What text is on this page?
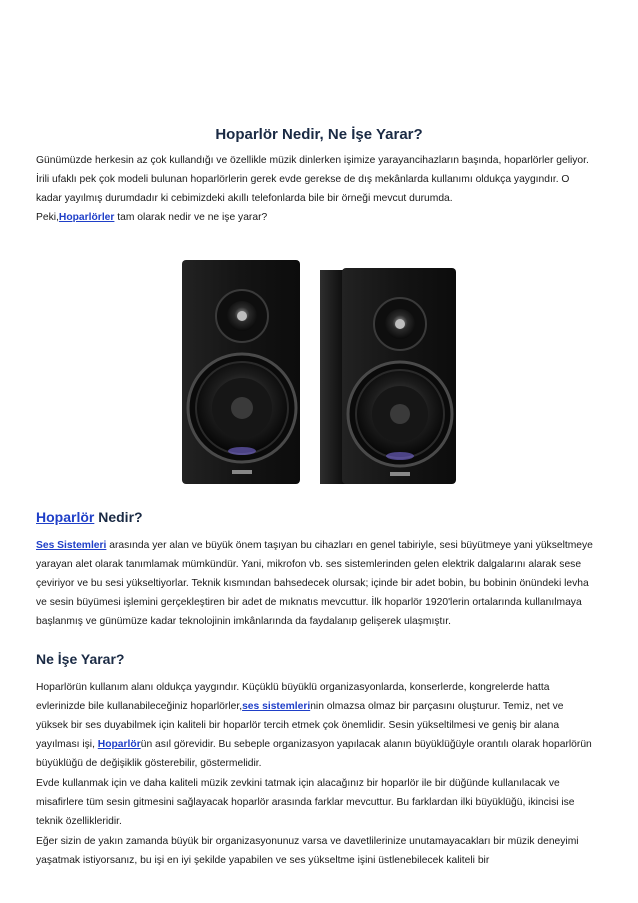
Hoparlör Nedir, Ne İşe Yarar?

Günümüzde herkesin az çok kullandığı ve özellikle müzik dinlerken işimize yarayancihazların başında, hoparlörler geliyor. İrili ufaklı pek çok modeli bulunan hoparlörlerin gerek evde gerekse de dış mekânlarda kullanımı oldukça yaygındır. O kadar yayılmış durumdadır ki cebimizdeki akıllı telefonlarda bile bir örneği mevcut durumda.
Peki,Hoparlörler tam olarak nedir ve ne işe yarar?

Hoparlör Nedir?

Ses Sistemleri arasında yer alan ve büyük önem taşıyan bu cihazları en genel tabiriyle, sesi büyütmeye yani yükseltmeye yarayan alet olarak tanımlamak mümkündür. Yani, mikrofon vb. ses sistemlerinden gelen elektrik dalgalarını alarak sese çeviriyor ve bu sesi yükseltiyorlar. Teknik kısmından bahsedecek olursak; içinde bir adet bobin, bu bobinin önündeki levha ve sesin büyümesi işlemini gerçekleştiren bir adet de mıknatıs mevcuttur. İlk hoparlör 1920'lerin ortalarında kullanılmaya başlanmış ve günümüze kadar teknolojinin imkânlarında da faydalanıp gelişerek ulaşmıştır.

Ne İşe Yarar?

Hoparlörün kullanım alanı oldukça yaygındır. Küçüklü büyüklü organizasyonlarda, konserlerde, kongrelerde hatta evlerinizde bile kullanabileceğiniz hoparlörler,ses sistemlerinin olmazsa olmaz bir parçasını oluşturur. Temiz, net ve yüksek bir ses duyabilmek için kaliteli bir hoparlör tercih etmek çok önemlidir. Sesin yükseltilmesi ve geniş bir alana yayılması işi, Hoparlörün asıl görevidir. Bu sebeple organizasyon yapılacak alanın büyüklüğüyle orantılı olarak hoparlörün büyüklüğü de değişiklik gösterebilir, göstermelidir.

Evde kullanmak için ve daha kaliteli müzik zevkini tatmak için alacağınız bir hoparlör ile bir düğünde kullanılacak ve misafirlere tüm sesin gitmesini sağlayacak hoparlör arasında farklar mevcuttur. Bu farklardan ilki büyüklüğü, ikincisi ise teknik özellikleridir.

Eğer sizin de yakın zamanda büyük bir organizasyonunuz varsa ve davetlilerinize unutamayacakları bir müzik deneyimi yaşatmak istiyorsanız, bu işi en iyi şekilde yapabilen ve ses yükseltme işini üstlenebilecek kaliteli bir
